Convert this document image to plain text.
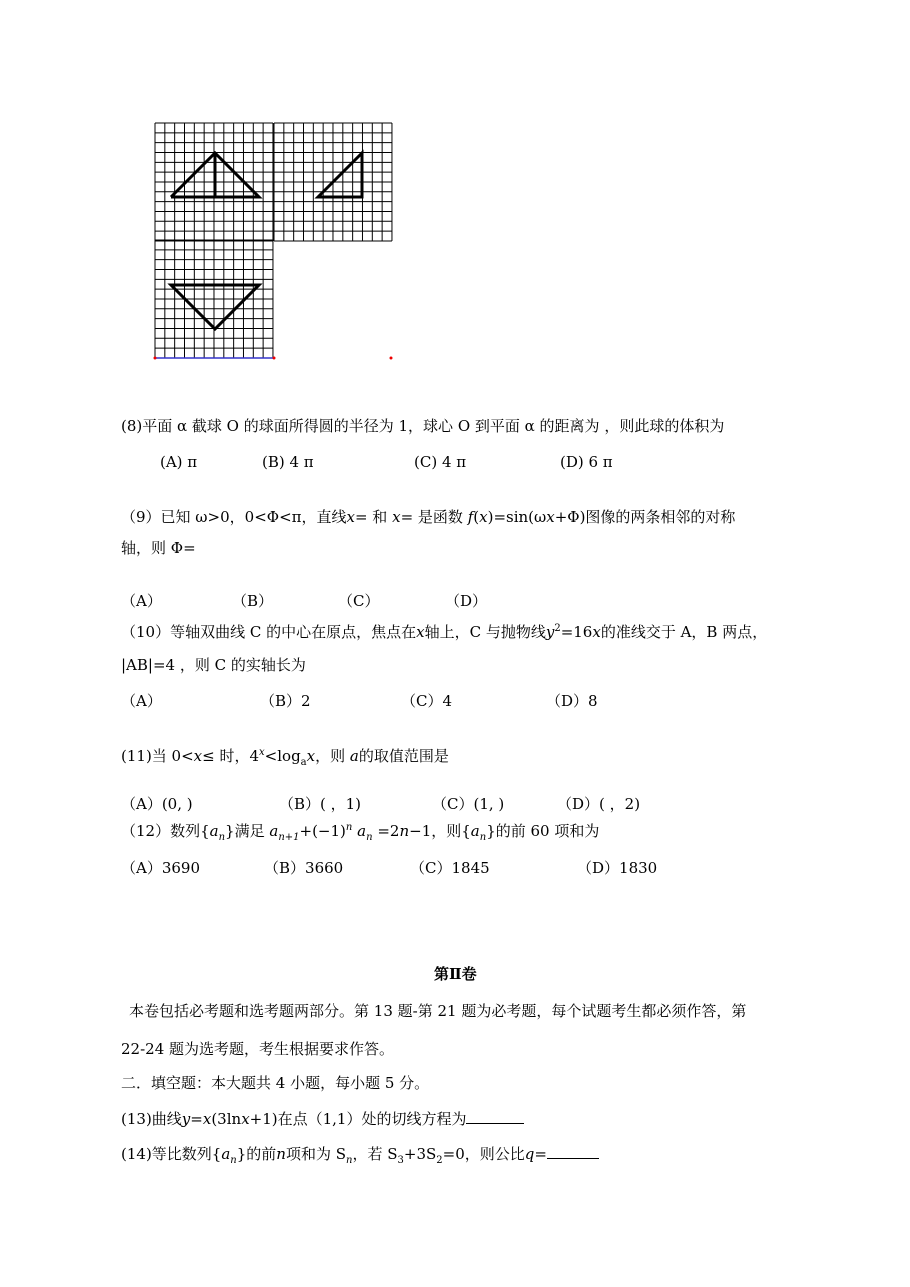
(8)平面 α 截球 O 的球面所得圆的半径为 1，球心 O 到平面 α 的距离为 ，则此球的体积为
(A) π	(B) 4 π	(C) 4 π	(D) 6 π
（9）已知 ω>0，0<Φ<π，直线x= 和 x= 是函数 f(x)=sin(ωx+Φ)图像的两条相邻的对称
轴，则 Φ=
（A）	（B）	（C）	（D）
（10）等轴双曲线 C 的中心在原点，焦点在x轴上，C 与抛物线$y^2=16x$的准线交于 A，B 两点，
|AB|=4 ，则 C 的实轴长为
（A）	（B）2	（C）4	（D）8
(11)当 0<x≤ 时，$4^x<\log_ax$，则 a的取值范围是
（A）(0, )	（B）( ，1)	（C）(1, )	（D）( ，2)
（12）数列$\{a_n\}$满足 $a_{n+1}+(-1)^n$ $a_n =2n-1$，则$\{a_n\}$的前 60 项和为
（A）3690	（B）3660	（C）1845	（D）1830
第Ⅱ卷
本卷包括必考题和选考题两部分。第 13 题-第 21 题为必考题，每个试题考生都必须作答，第
22-24 题为选考题，考生根据要求作答。
二．填空题：本大题共 4 小题，每小题 5 分。
(13)曲线y=x(3lnx+1)在点（1,1）处的切线方程为
(14)等比数列$\{a_n\}$的前n项和为 $S_n$，若 $S_3+3S_2=0$，则公比q=
